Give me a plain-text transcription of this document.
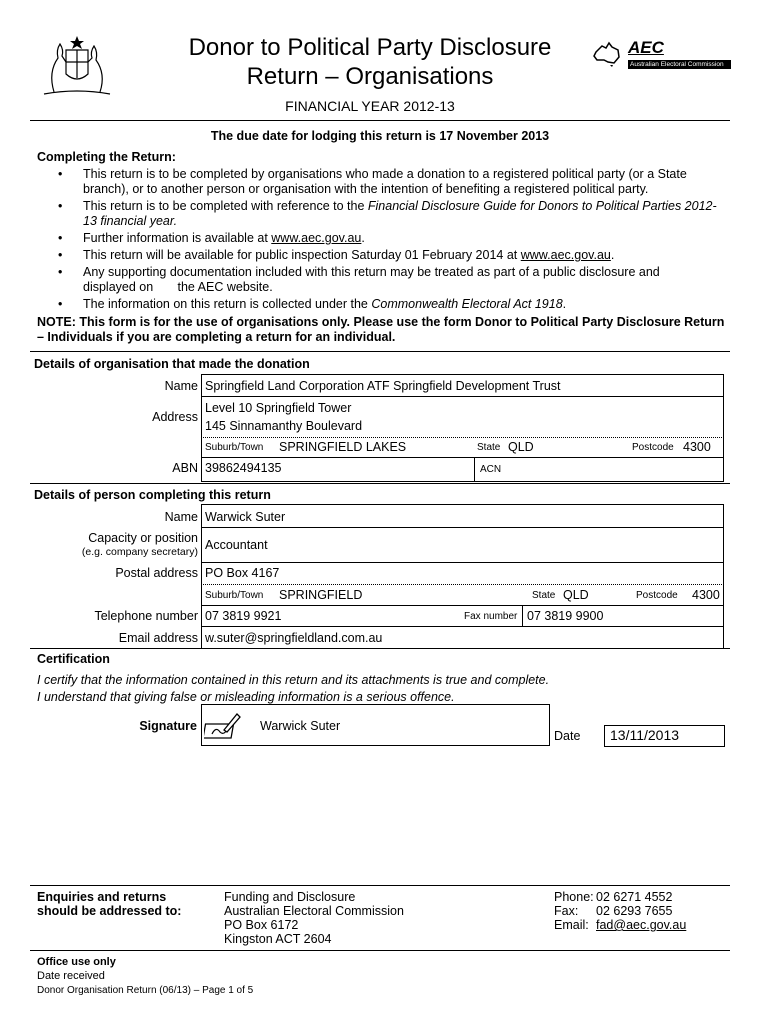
Donor to Political Party Disclosure
Return – Organisations
FINANCIAL YEAR 2012-13
AEC
Australian Electoral Commission
The due date for lodging this return is 17 November 2013
Completing the Return:
• This return is to be completed by organisations who made a donation to a registered political party (or a State branch), or to another person or organisation with the intention of benefiting a registered political party.
• This return is to be completed with reference to the Financial Disclosure Guide for Donors to Political Parties 2012-13 financial year.
• Further information is available at www.aec.gov.au.
• This return will be available for public inspection Saturday 01 February 2014 at www.aec.gov.au.
• Any supporting documentation included with this return may be treated as part of a public disclosure and
displayed on       the AEC website.
• The information on this return is collected under the Commonwealth Electoral Act 1918.
NOTE: This form is for the use of organisations only. Please use the form Donor to Political Party Disclosure Return – Individuals if you are completing a return for an individual.
Details of organisation that made the donation
Name Springfield Land Corporation ATF Springfield Development Trust
Address
Level 10 Springfield Tower
145 Sinnamanthy Boulevard
Suburb/Town SPRINGFIELD LAKES	State QLD	Postcode 4300
ABN 39862494135	ACN
Details of person completing this return
Name Warwick Suter
Capacity or position
(e.g. company secretary) Accountant
Postal address PO Box 4167
Suburb/Town SPRINGFIELD	State QLD	Postcode 4300
Telephone number 07 3819 9921	Fax number 07 3819 9900
Email address w.suter@springfieldland.com.au
Certification
I certify that the information contained in this return and its attachments is true and complete.
I understand that giving false or misleading information is a serious offence.
Signature	Warwick Suter
Date 13/11/2013
Enquiries and returns
should be addressed to:
Funding and Disclosure
Australian Electoral Commission
PO Box 6172
Kingston ACT 2604
Phone: 02 6271 4552
Fax: 02 6293 7655
Email: fad@aec.gov.au
Office use only
Date received
Donor Organisation Return (06/13) – Page 1 of 5
